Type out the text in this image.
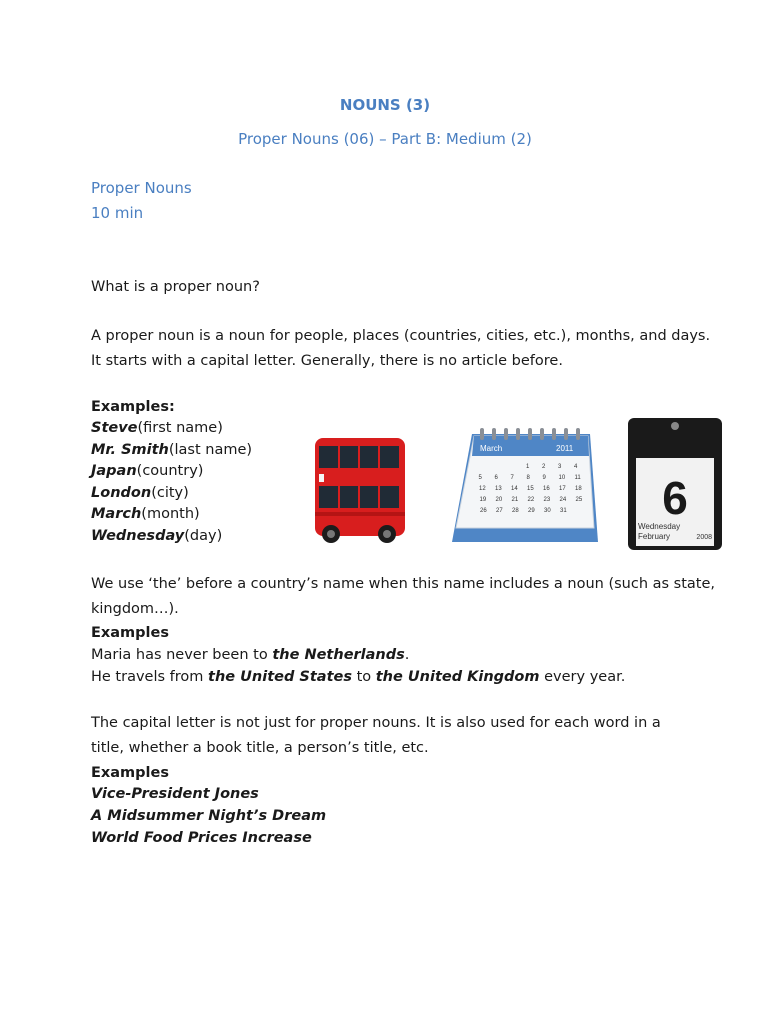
NOUNS (3)
Proper Nouns (06) – Part B: Medium (2)
Proper Nouns
10 min
What is a proper noun?
A proper noun is a noun for people, places (countries, cities, etc.), months, and days.
It starts with a capital letter. Generally, there is no article before.
Examples:
Steve(first name)
Mr. Smith(last name)
Japan(country)
London(city)
March(month)
Wednesday(day)
March	2011
1 2 3 4
5 6 7 8 9 10 11
12 13 14 15 16 17 18
19 20 21 22 23 24 25
26 27 28 29 30 31 6
Wednesday
February	2008
We use ‘the’ before a country’s name when this name includes a noun (such as state,
kingdom…).
Examples
Maria has never been to the Netherlands.
He travels from the United States to the United Kingdom every year.
The capital letter is not just for proper nouns. It is also used for each word in a
title, whether a book title, a person’s title, etc.
Examples
Vice-President Jones
A Midsummer Night’s Dream
World Food Prices Increase
